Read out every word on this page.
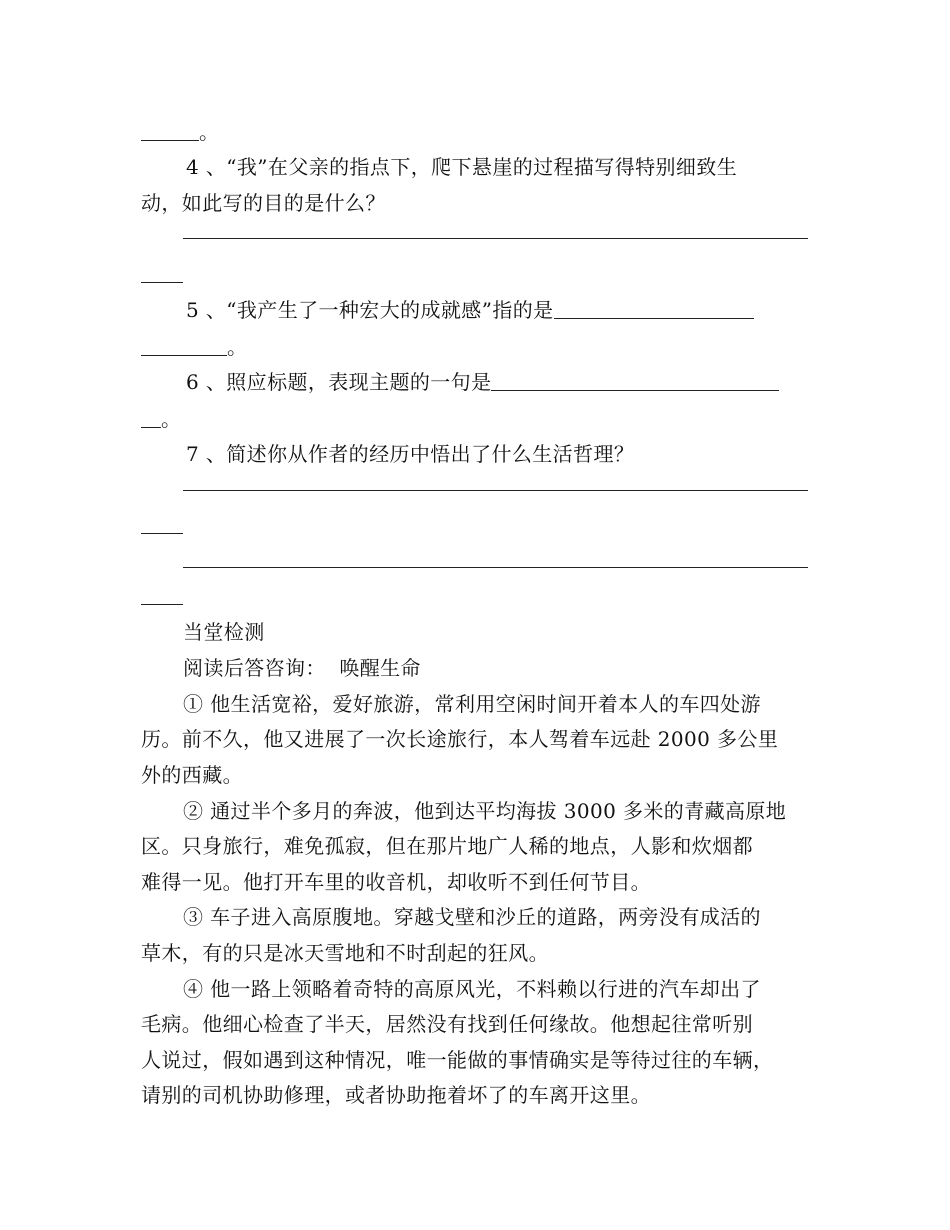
。
4 、“我”在父亲的指点下，爬下悬崖的过程描写得特别细致生
动，如此写的目的是什么？
5 、“我产生了一种宏大的成就感”指的是
。
6 、照应标题，表现主题的一句是
。
7 、简述你从作者的经历中悟出了什么生活哲理？
当堂检测
阅读后答咨询：  唤醒生命
① 他生活宽裕，爱好旅游，常利用空闲时间开着本人的车四处游
历。前不久，他又进展了一次长途旅行，本人驾着车远赴 2000 多公里
外的西藏。
② 通过半个多月的奔波，他到达平均海拔 3000 多米的青藏高原地
区。只身旅行，难免孤寂，但在那片地广人稀的地点，人影和炊烟都
难得一见。他打开车里的收音机，却收听不到任何节目。
③ 车子进入高原腹地。穿越戈壁和沙丘的道路，两旁没有成活的
草木，有的只是冰天雪地和不时刮起的狂风。
④ 他一路上领略着奇特的高原风光，不料赖以行进的汽车却出了
毛病。他细心检查了半天，居然没有找到任何缘故。他想起往常听别
人说过，假如遇到这种情况，唯一能做的事情确实是等待过往的车辆，
请别的司机协助修理，或者协助拖着坏了的车离开这里。
